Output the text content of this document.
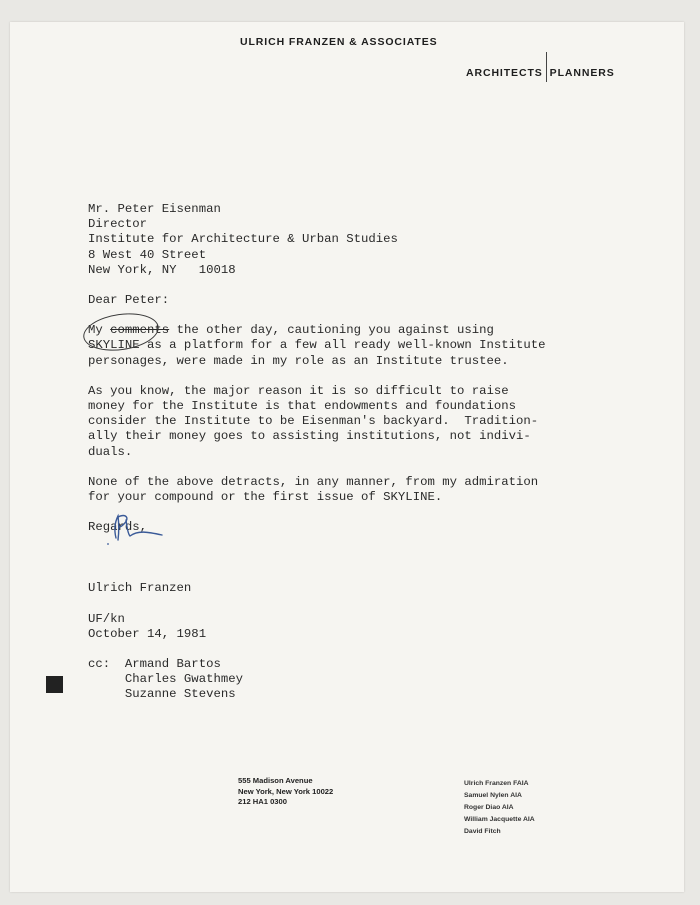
ULRICH FRANZEN & ASSOCIATES
ARCHITECTS PLANNERS
Mr. Peter Eisenman
Director
Institute for Architecture & Urban Studies
8 West 40 Street
New York, NY   10018
Dear Peter:
My comments the other day, cautioning you against using
SKYLINE as a platform for a few all ready well-known Institute
personages, were made in my role as an Institute trustee.
As you know, the major reason it is so difficult to raise
money for the Institute is that endowments and foundations
consider the Institute to be Eisenman's backyard.  Tradition-
ally their money goes to assisting institutions, not indivi-
duals.
None of the above detracts, in any manner, from my admiration
for your compound or the first issue of SKYLINE.
Regards,
Ulrich Franzen
UF/kn
October 14, 1981
cc:  Armand Bartos
Charles Gwathmey
Suzanne Stevens
555 Madison Avenue
New York, New York 10022
212 HA1 0300
Ulrich Franzen FAIA
Samuel Nylen AIA
Roger Diao AIA
William Jacquette AIA
David Fitch
